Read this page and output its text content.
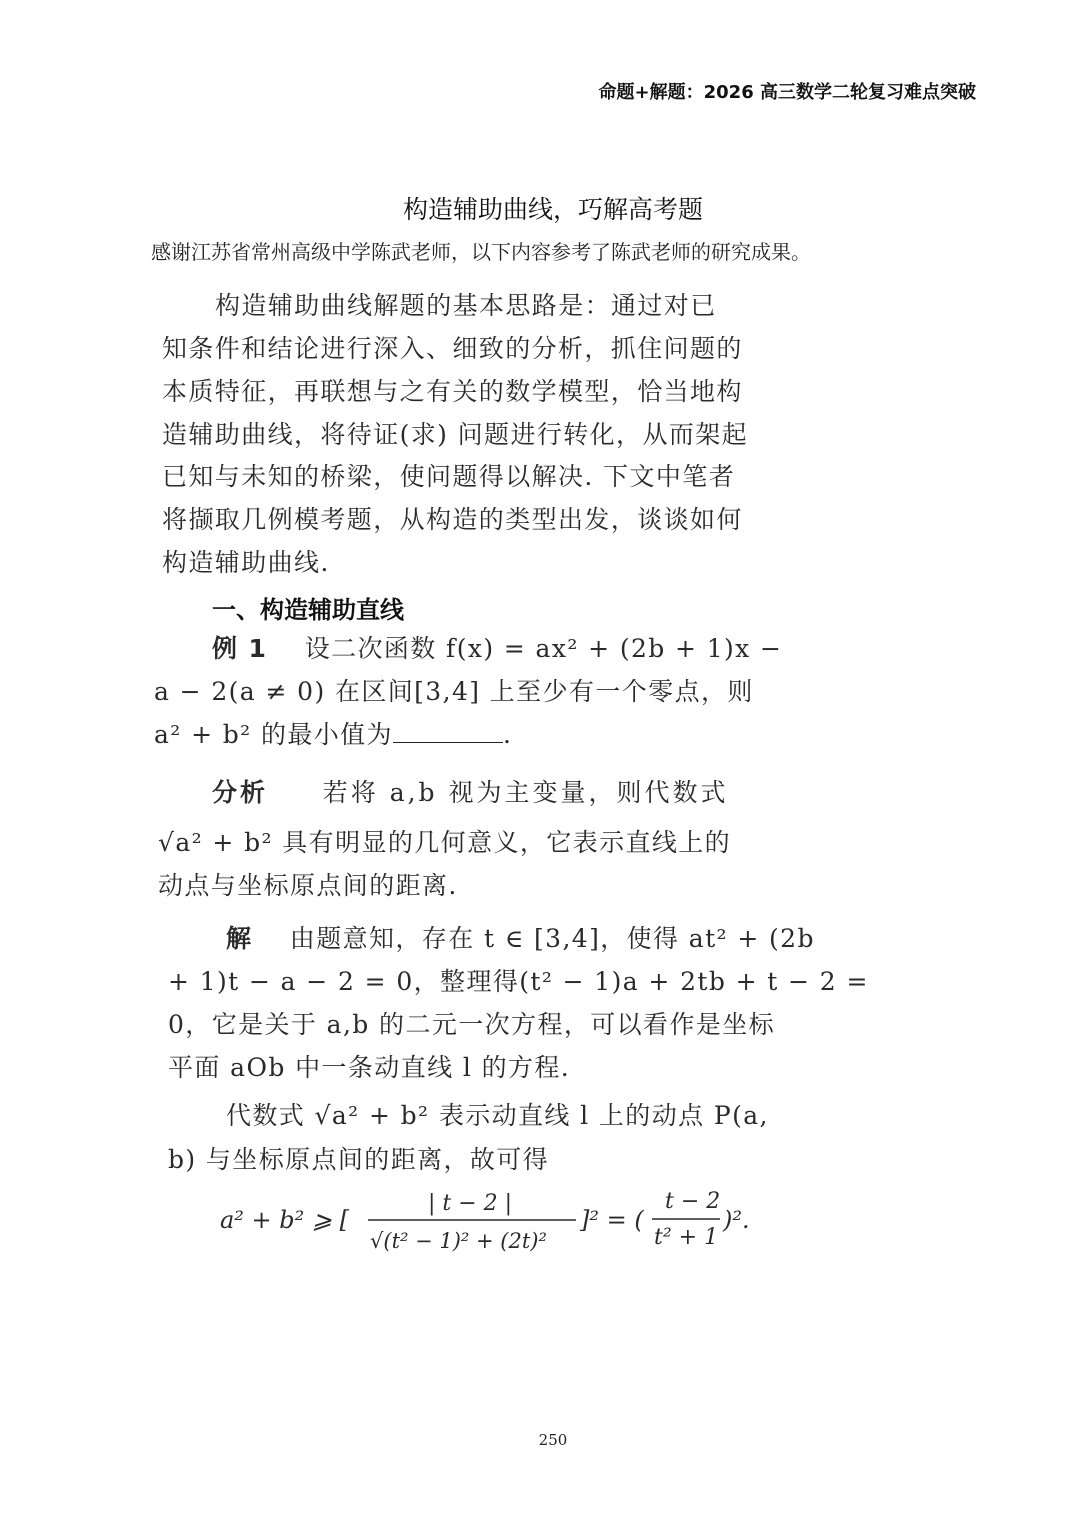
命题+解题：2026 高三数学二轮复习难点突破
构造辅助曲线，巧解高考题
感谢江苏省常州高级中学陈武老师，以下内容参考了陈武老师的研究成果。
构造辅助曲线解题的基本思路是：通过对已
知条件和结论进行深入、细致的分析，抓住问题的
本质特征，再联想与之有关的数学模型，恰当地构
造辅助曲线，将待证(求) 问题进行转化，从而架起
已知与未知的桥梁，使问题得以解决. 下文中笔者
将撷取几例模考题，从构造的类型出发，谈谈如何
构造辅助曲线.
一、构造辅助直线
例 1 设二次函数 f(x) = ax² + (2b + 1)x −
a − 2(a ≠ 0) 在区间[3,4] 上至少有一个零点，则
a² + b² 的最小值为	.
分析 若将 a,b 视为主变量，则代数式
√a² + b² 具有明显的几何意义，它表示直线上的
动点与坐标原点间的距离.
解 由题意知，存在 t ∈ [3,4]，使得 at² + (2b
+ 1)t − a − 2 = 0，整理得(t² − 1)a + 2tb + t − 2 =
0，它是关于 a,b 的二元一次方程，可以看作是坐标
平面 aOb 中一条动直线 l 的方程.
代数式 √a² + b² 表示动直线 l 上的动点 P(a,
b) 与坐标原点间的距离，故可得
a² + b² ⩾ [
| t − 2 |
√(t² − 1)² + (2t)²
]² = (
t − 2
t² + 1
)².
250
